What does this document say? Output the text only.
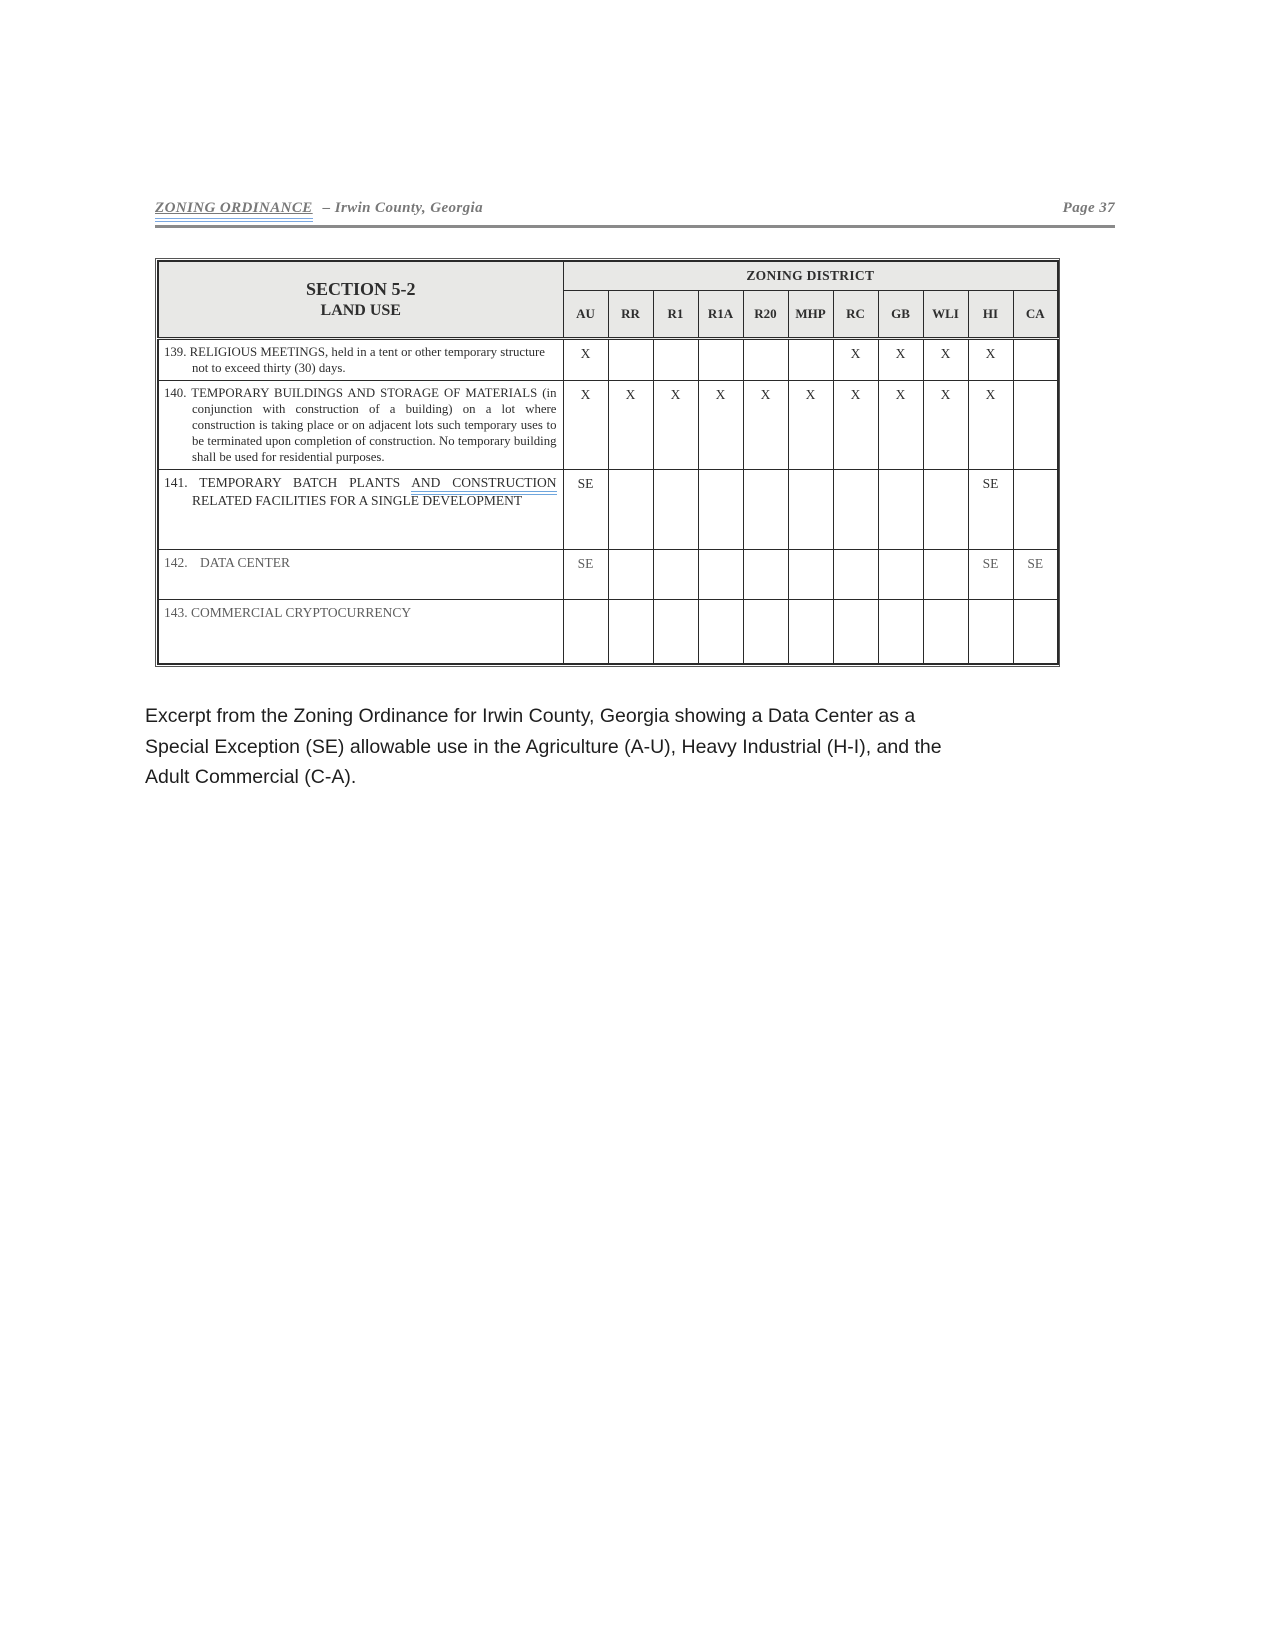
ZONING ORDINANCE – Irwin County, Georgia	Page 37
SECTION 5-2
LAND USE	ZONING DISTRICT										
	AU	RR	R1	R1A	R20	MHP	RC	GB	WLI	HI	CA

139. RELIGIOUS MEETINGS, held in a tent or other temporary structure not to exceed thirty (30) days.	X						X	X	X	X	

140. TEMPORARY BUILDINGS AND STORAGE OF MATERIALS (in conjunction with construction of a building) on a lot where construction is taking place or on adjacent lots such temporary uses to be terminated upon completion of construction. No temporary building shall be used for residential purposes.	X	X	X	X	X	X	X	X	X	X	

141. TEMPORARY BATCH PLANTS AND CONSTRUCTION RELATED FACILITIES FOR A SINGLE DEVELOPMENT	SE									SE	

142. DATA CENTER	SE									SE	SE

143. COMMERCIAL CRYPTOCURRENCY											

Excerpt from the Zoning Ordinance for Irwin County, Georgia showing a Data Center as a
Special Exception (SE) allowable use in the Agriculture (A-U), Heavy Industrial (H-I), and the
Adult Commercial (C-A).
